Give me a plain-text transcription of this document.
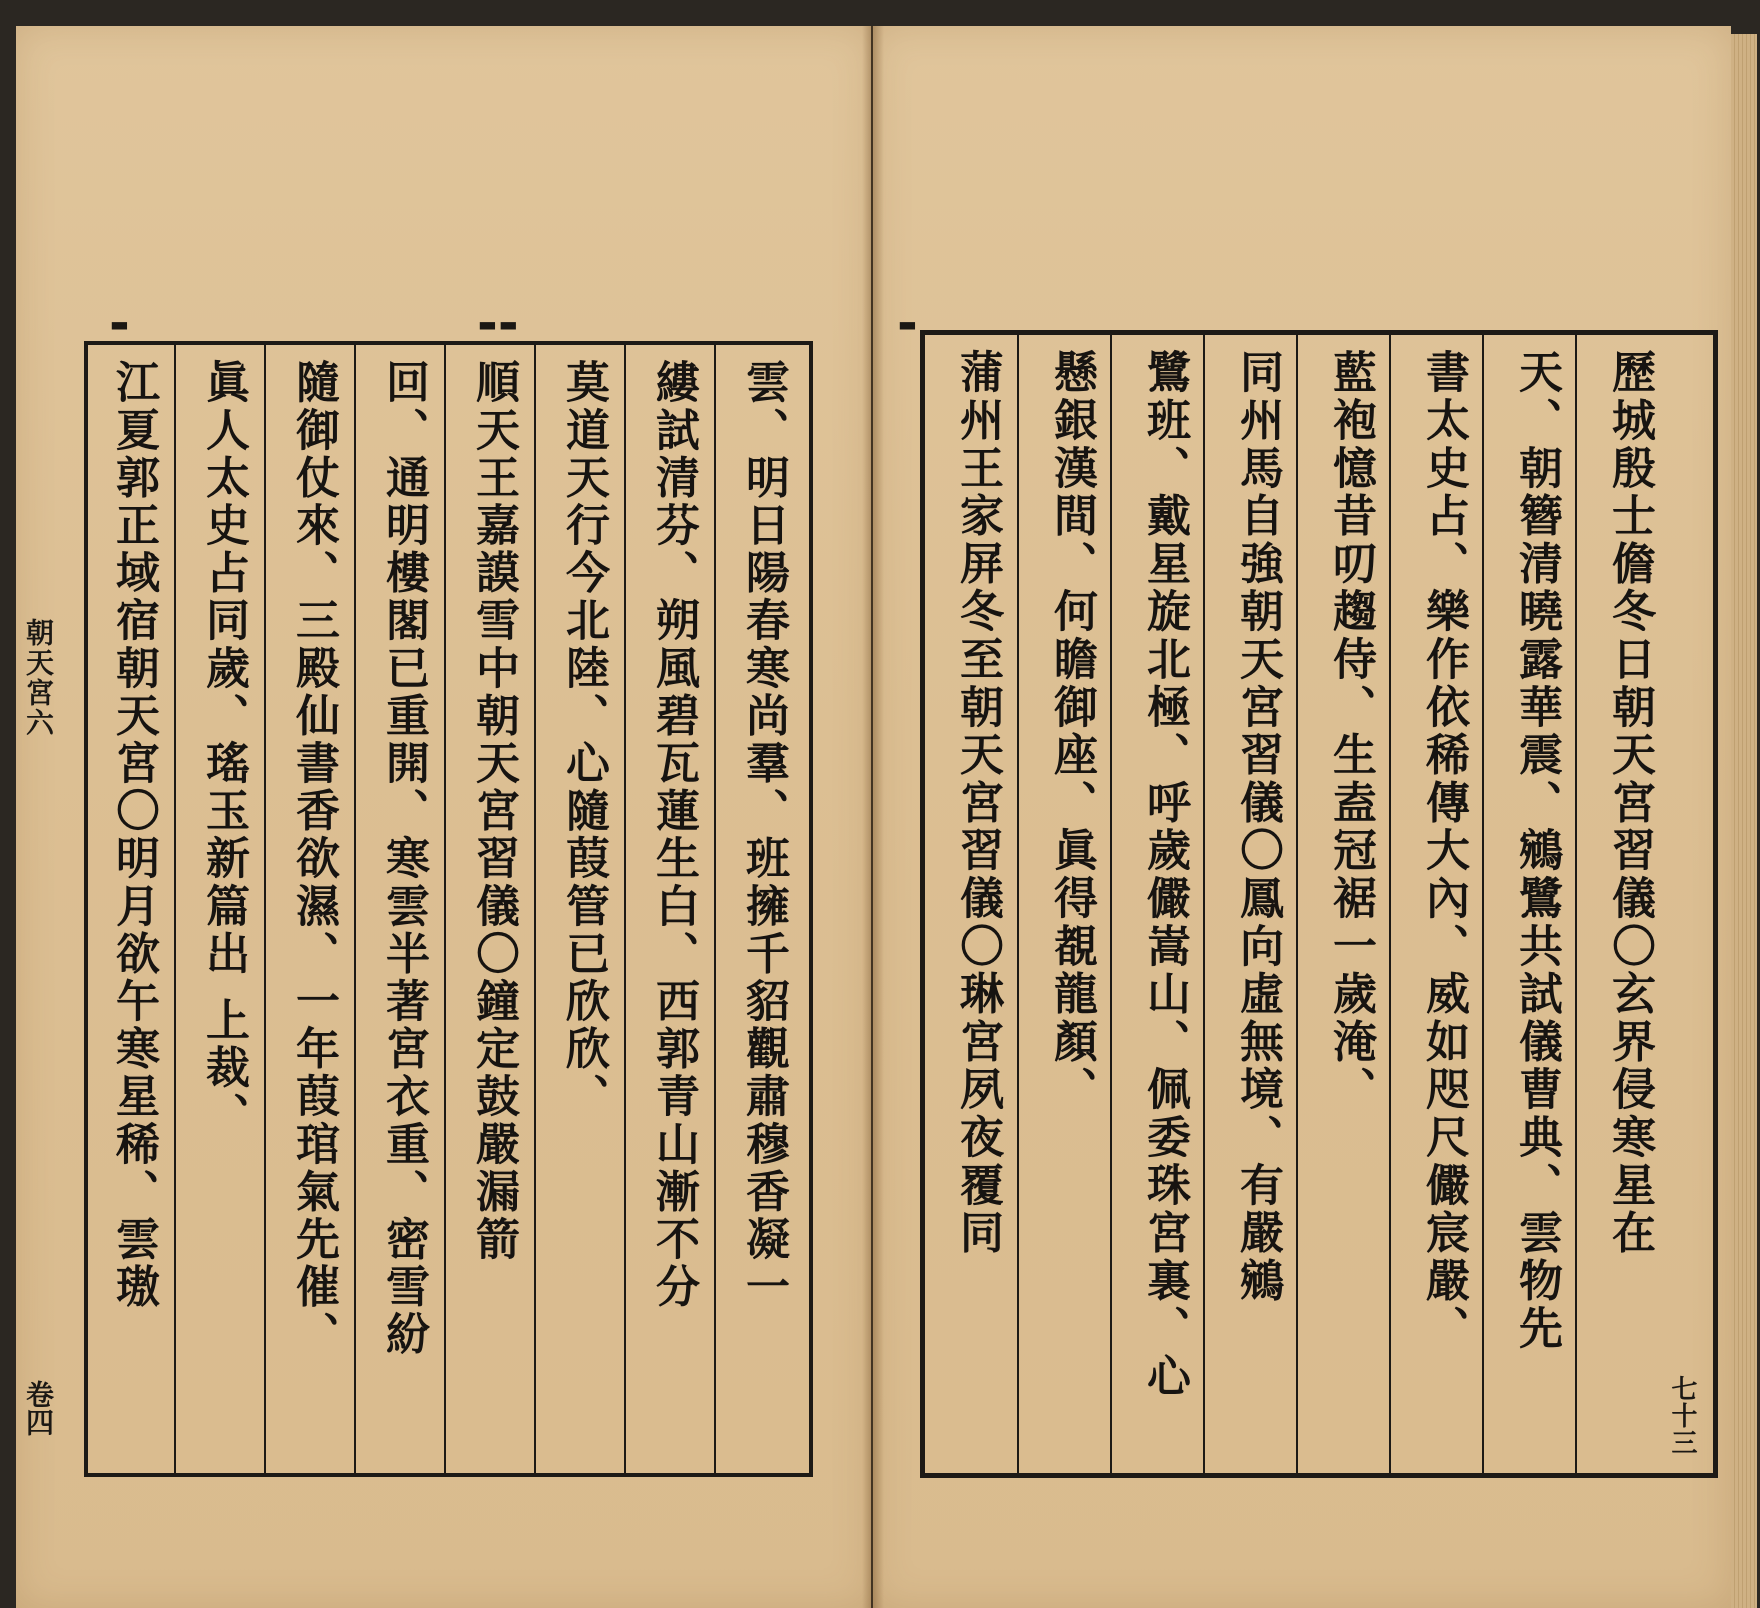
▬	▬▬	▬
朝天宮六
卷四
雲、明日陽春寒尚羣、班擁千貂觀肅穆香凝一
縷試清芬、朔風碧瓦蓮生白、西郭青山漸不分
莫道天行今北陸、心隨葭管已欣欣、
順天王嘉謨雪中朝天宮習儀〇鐘定鼓嚴漏箭
回、通明樓閣已重開、寒雲半著宮衣重、密雪紛
隨御仗來、三殿仙書香欲濕、一年葭琯氣先催、
眞人太史占同歲、瑤玉新篇出 上裁、
江夏郭正域宿朝天宮〇明月欲午寒星稀、雲璈	歷城殷士儋冬日朝天宮習儀〇玄界侵寒星在
天、朝簪清曉露華震、鵷鷺共試儀曹典、雲物先
書太史占、樂作依稀傳大內、威如咫尺儼宸嚴、
藍袍憶昔叨趨侍、生盍冠裾一歲淹、
同州馬自強朝天宮習儀〇鳳向虛無境、有嚴鵷
鷺班、戴星旋北極、呼歲儼嵩山、佩委珠宮裏、心
懸銀漢間、何瞻御座、眞得覩龍顏、
蒲州王家屏冬至朝天宮習儀〇琳宮夙夜覆同
七十三
